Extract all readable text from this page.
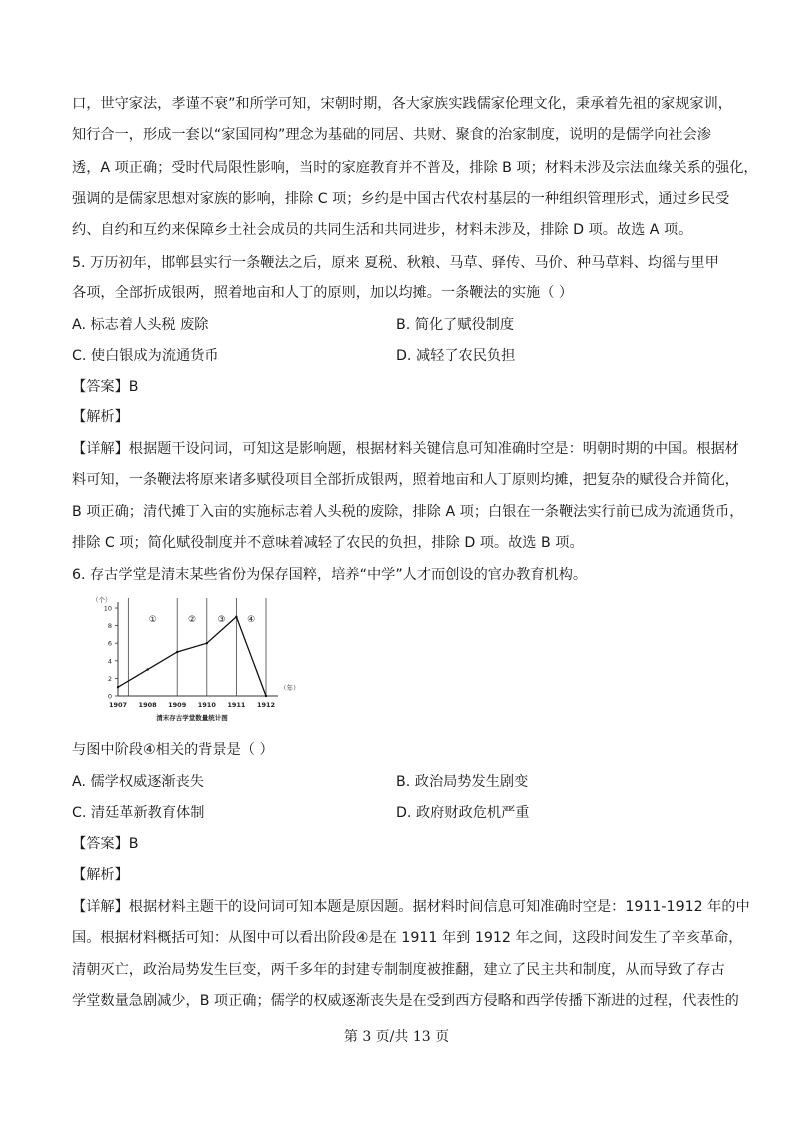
口，世守家法，孝谨不衰”和所学可知，宋朝时期，各大家族实践儒家伦理文化，秉承着先祖的家规家训，
知行合一，形成一套以“家国同构”理念为基础的同居、共财、聚食的治家制度，说明的是儒学向社会渗
透，A 项正确；受时代局限性影响，当时的家庭教育并不普及，排除 B 项；材料未涉及宗法血缘关系的强化，
强调的是儒家思想对家族的影响，排除 C 项；乡约是中国古代农村基层的一种组织管理形式，通过乡民受
约、自约和互约来保障乡土社会成员的共同生活和共同进步，材料未涉及，排除 D 项。故选 A 项。
5. 万历初年，邯郸县实行一条鞭法之后，原来 夏税、秋粮、马草、驿传、马价、种马草料、均徭与里甲
各项，全部折成银两，照着地亩和人丁的原则，加以均摊。一条鞭法的实施（ ）
A. 标志着人头税 废除	B. 简化了赋役制度
C. 使白银成为流通货币	D. 减轻了农民负担
【答案】B
【解析】
【详解】根据题干设问词，可知这是影响题，根据材料关键信息可知准确时空是：明朝时期的中国。根据材
料可知，一条鞭法将原来诸多赋役项目全部折成银两，照着地亩和人丁原则均摊，把复杂的赋役合并简化，
B 项正确；清代摊丁入亩的实施标志着人头税的废除，排除 A 项；白银在一条鞭法实行前已成为流通货币，
排除 C 项；简化赋役制度并不意味着减轻了农民的负担，排除 D 项。故选 B 项。
6. 存古学堂是清末某些省份为保存国粹，培养“中学”人才而创设的官办教育机构。
0
2
4
6
8
10
（个）
1907 1908 1909 1910 1911 1912
（年）
①	② ③ ④
清末存古学堂数量统计图
与图中阶段④相关的背景是（ ）
A. 儒学权威逐渐丧失	B. 政治局势发生剧变
C. 清廷革新教育体制	D. 政府财政危机严重
【答案】B
【解析】
【详解】根据材料主题干的设问词可知本题是原因题。据材料时间信息可知准确时空是：1911-1912 年的中
国。根据材料概括可知：从图中可以看出阶段④是在 1911 年到 1912 年之间，这段时间发生了辛亥革命，
清朝灭亡，政治局势发生巨变，两千多年的封建专制制度被推翻，建立了民主共和制度，从而导致了存古
学堂数量急剧减少，B 项正确；儒学的权威逐渐丧失是在受到西方侵略和西学传播下渐进的过程，代表性的
第 3 页/共 13 页
